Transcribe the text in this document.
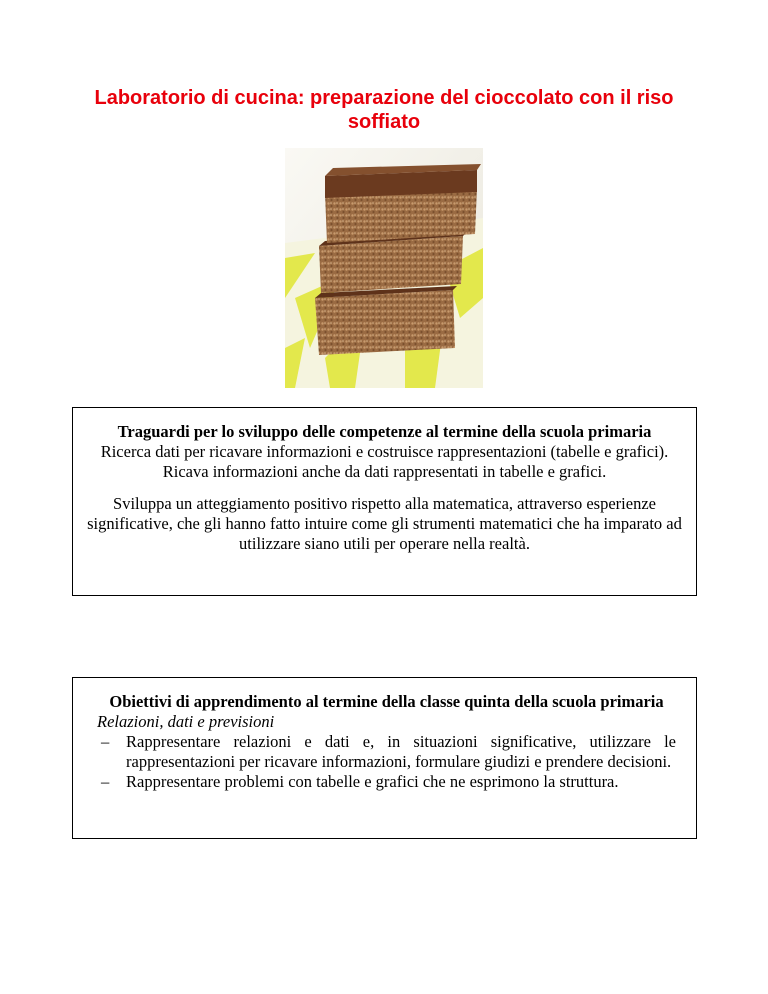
Laboratorio di cucina: preparazione del cioccolato con il riso soffiato

Traguardi per lo sviluppo delle competenze al termine della scuola primaria

Ricerca dati per ricavare informazioni e costruisce rappresentazioni (tabelle e grafici). Ricava informazioni anche da dati rappresentati in tabelle e grafici.

Sviluppa un atteggiamento positivo rispetto alla matematica, attraverso esperienze significative, che gli hanno fatto intuire come gli strumenti matematici che ha imparato ad utilizzare siano utili per operare nella realtà.

Obiettivi di apprendimento al termine della classe quinta della scuola primaria

Relazioni, dati e previsioni

– Rappresentare relazioni e dati e, in situazioni significative, utilizzare le rappresentazioni per ricavare informazioni, formulare giudizi e prendere decisioni.
– Rappresentare problemi con tabelle e grafici che ne esprimono la struttura.
